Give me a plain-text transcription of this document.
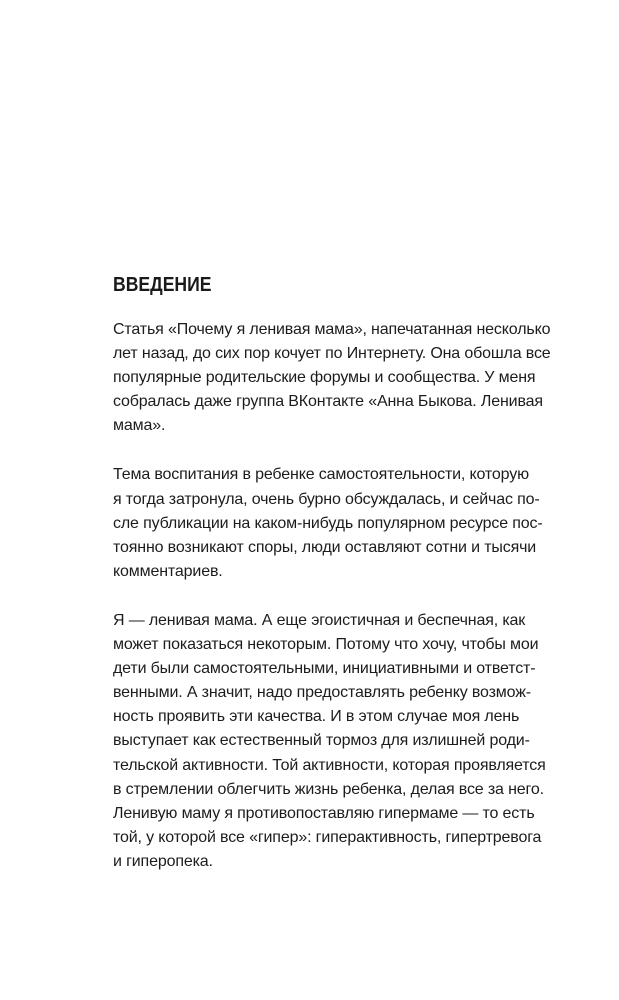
ВВЕДЕНИЕ
Статья «Почему я ленивая мама», напечатанная несколько
лет назад, до сих пор кочует по Интернету. Она обошла все
популярные родительские форумы и сообщества. У меня
собралась даже группа ВКонтакте «Анна Быкова. Ленивая
мама».
Тема воспитания в ребенке самостоятельности, которую
я тогда затронула, очень бурно обсуждалась, и сейчас по-
сле публикации на каком-нибудь популярном ресурсе пос-
тоянно возникают споры, люди оставляют сотни и тысячи
комментариев.
Я — ленивая мама. А еще эгоистичная и беспечная, как
может показаться некоторым. Потому что хочу, чтобы мои
дети были самостоятельными, инициативными и ответст-
венными. А значит, надо предоставлять ребенку возмож-
ность проявить эти качества. И в этом случае моя лень
выступает как естественный тормоз для излишней роди-
тельской активности. Той активности, которая проявляется
в стремлении облегчить жизнь ребенка, делая все за него.
Ленивую маму я противопоставляю гипермаме — то есть
той, у которой все «гипер»: гиперактивность, гипертревога
и гиперопека.
